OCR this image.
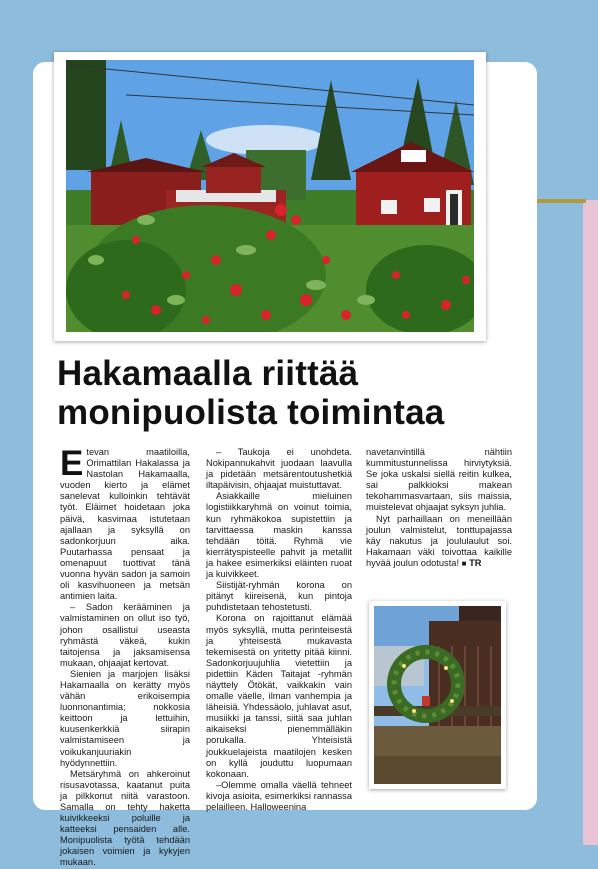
Hakamaalla riittää
monipuolista toimintaa

Etevan maatiloilla, Orimattilan Hakalassa ja Nastolan Hakamaalla, vuoden kierto ja elämet sanelevat kulloinkin tehtävät työt. Eläimet hoidetaan joka päivä, kasvimaa istutetaan ajallaan ja syksyllä on sadonkorjuun aika. Puutarhassa pensaat ja omenapuut tuottivat tänä vuonna hyvän sadon ja samoin oli kasvihuoneen ja metsän antimien laita.

– Sadon kerääminen ja valmistaminen on ollut iso työ, johon osallistui useasta ryhmästä väkeä, kukin taitojensa ja jaksamisensa mukaan, ohjaajat kertovat.

Sienien ja marjojen lisäksi Hakamaalla on kerätty myös vähän erikoisempia luonnonantimia; nokkosia keittoon ja lettuihin, kuusenkerkkiä siirapin valmistamiseen ja voikukanjuuriakin hyödynnettiin.

Metsäryhmä on ahkeroinut risusavotassa, kaatanut puita ja pilkkonut niitä varastoon. Samalla on tehty haketta kuivikkeeksi poluille ja katteeksi pensaiden alle. Monipuolista työtä tehdään jokaisen voimien ja kykyjen mukaan.

– Taukoja ei unohdeta. Nokipannukahvit juodaan laavulla ja pidetään metsärentoutushetkiä iltapäivisin, ohjaajat muistuttavat.

Asiakkaille mieluinen logistiikkaryhmä on voinut toimia, kun ryhmäkokoa supistettiin ja tarvittaessa maskin kanssa tehdään töitä. Ryhmä vie kierrätyspisteelle pahvit ja metallit ja hakee esimerkiksi eläinten ruoat ja kuivikkeet.

Siistijät-ryhmän korona on pitänyt kiireisenä, kun pintoja puhdistetaan tehostetusti.

Korona on rajoittanut elämää myös syksyllä, mutta perinteisestä ja yhteisestä mukavasta tekemisestä on yritetty pitää kiinni. Sadonkorjuujuhlia vietettiin ja pidettiin Käden Taitajat -ryhmän näyttely Ötökät, vaikkakin vain omalle väelle, ilman vanhempia ja läheisiä. Yhdessäolo, juhlavat asut, musiikki ja tanssi, siitä saa juhlan aikaiseksi pienemmälläkin porukalla. Yhteisistä joukkuelajeista maatilojen kesken on kyllä jouduttu luopumaan kokonaan.

–Olemme omalla väellä tehneet kivoja asioita, esimerkiksi rannassa pelailleen. Halloweenina

navetanvintillä nähtiin kummitustunnelissa hirviytyksiä. Se joka uskalsi siellä reitin kulkea, sai palkkioksi makean tekohammasvartaan, siis maissia, muistelevat ohjaajat syksyn juhlia.

Nyt parhaillaan on meneillään joulun valmistelut, tonttupajassa käy nakutus ja joululaulut soi. Hakamaan väki toivottaa kaikille hyvää joulun odotusta! ■ TR
